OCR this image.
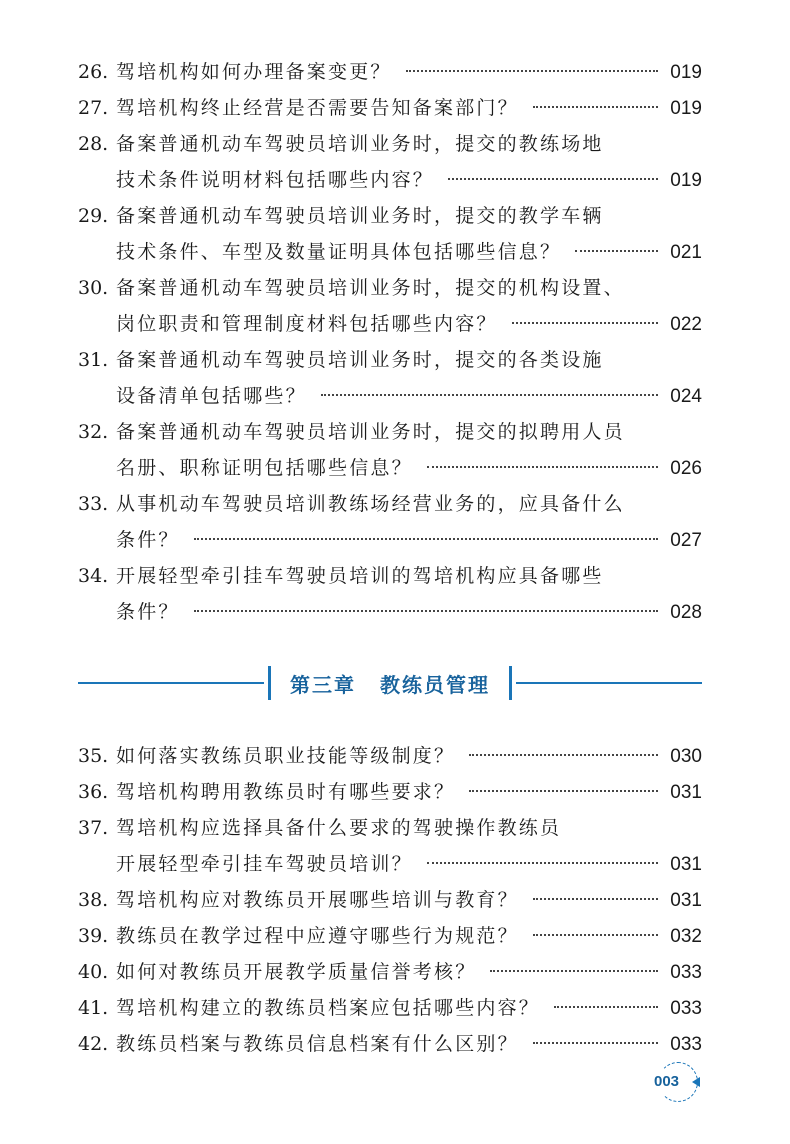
26. 驾培机构如何办理备案变更？	019
27. 驾培机构终止经营是否需要告知备案部门？	019
28. 备案普通机动车驾驶员培训业务时，提交的教练场地
技术条件说明材料包括哪些内容？	019
29. 备案普通机动车驾驶员培训业务时，提交的教学车辆
技术条件、车型及数量证明具体包括哪些信息？	021
30. 备案普通机动车驾驶员培训业务时，提交的机构设置、
岗位职责和管理制度材料包括哪些内容？	022
31. 备案普通机动车驾驶员培训业务时，提交的各类设施
设备清单包括哪些？	024
32. 备案普通机动车驾驶员培训业务时，提交的拟聘用人员
名册、职称证明包括哪些信息？	026
33. 从事机动车驾驶员培训教练场经营业务的，应具备什么
条件？	027
34. 开展轻型牵引挂车驾驶员培训的驾培机构应具备哪些
条件？	028
第三章 教练员管理
35. 如何落实教练员职业技能等级制度？	030
36. 驾培机构聘用教练员时有哪些要求？	031
37. 驾培机构应选择具备什么要求的驾驶操作教练员
开展轻型牵引挂车驾驶员培训？	031
38. 驾培机构应对教练员开展哪些培训与教育？	031
39. 教练员在教学过程中应遵守哪些行为规范？	032
40. 如何对教练员开展教学质量信誉考核？	033
41. 驾培机构建立的教练员档案应包括哪些内容？	033
42. 教练员档案与教练员信息档案有什么区别？	033
003
